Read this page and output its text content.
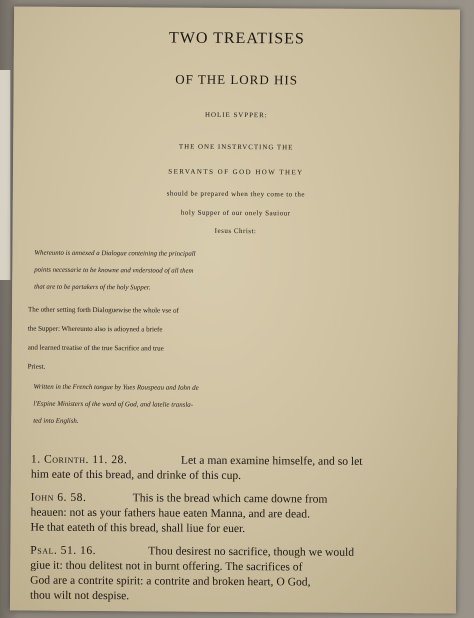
TWO TREATISES
OF THE LORD HIS
HOLIE SVPPER:
THE ONE INSTRVCTING THE
SERVANTS OF GOD HOW THEY
should be prepared when they come to the
holy Supper of our onely Sauiour
Iesus Christ:
Whereunto is annexed a Dialogue conteining the principall
points necessarie to be knowne and vnderstood of all them
that are to be partakers of the holy Supper.
The other setting forth Dialoguewise the whole vse of
the Supper: Whereunto also is adioyned a briefe
and learned treatise of the true Sacrifice and true
Priest.
Written in the French tongue by Yues Rouspeau and Iohn de
l'Espine Ministers of the word of God, and latelie transla-
ted into English.
1. Corinth. 11. 28.	Let a man examine himselfe, and so let
him eate of this bread, and drinke of this cup.
Iohn 6. 58.	This is the bread which came downe from
heauen: not as your fathers haue eaten Manna, and are dead.
He that eateth of this bread, shall liue for euer.
Psal. 51. 16.	Thou desirest no sacrifice, though we would
giue it: thou delitest not in burnt offering. The sacrifices of
God are a contrite spirit: a contrite and broken heart, O God,
thou wilt not despise.
